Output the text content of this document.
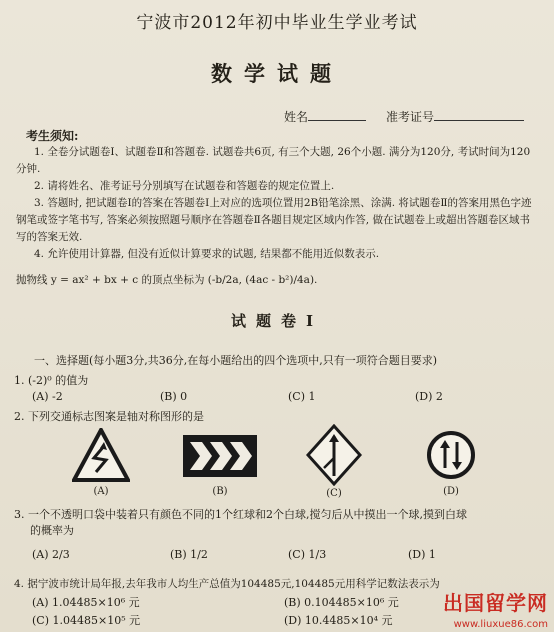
宁波市2012年初中毕业生学业考试
数学试题
姓名	准考证号
考生须知:

1. 全卷分试题卷Ⅰ、试题卷Ⅱ和答题卷. 试题卷共6页, 有三个大题, 26个小题. 满分为120分, 考试时间为120分钟.

2. 请将姓名、准考证号分别填写在试题卷和答题卷的规定位置上.

3. 答题时, 把试题卷Ⅰ的答案在答题卷Ⅰ上对应的选项位置用2B铅笔涂黑、涂满. 将试题卷Ⅱ的答案用黑色字迹钢笔或签字笔书写, 答案必须按照题号顺序在答题卷Ⅱ各题目规定区域内作答, 做在试题卷上或超出答题卷区域书写的答案无效.

4. 允许使用计算器, 但没有近似计算要求的试题, 结果都不能用近似数表示.

抛物线 y = ax² + bx + c 的顶点坐标为 (-b/2a, (4ac - b²)/4a).
试题卷Ⅰ
一、选择题(每小题3分,共36分,在每小题给出的四个选项中,只有一项符合题目要求)
1. (-2)⁰ 的值为
(A) -2	(B) 0	(C) 1	(D) 2
2. 下列交通标志图案是轴对称图形的是
(A)	(B)	(C)	(D)
3. 一个不透明口袋中装着只有颜色不同的1个红球和2个白球,搅匀后从中摸出一个球,摸到白球
的概率为
(A) 2/3	(B) 1/2	(C) 1/3	(D) 1
4. 据宁波市统计局年报,去年我市人均生产总值为104485元,104485元用科学记数法表示为
(A) 1.04485×10⁶ 元	(B) 0.104485×10⁶ 元
(C) 1.04485×10⁵ 元	(D) 10.4485×10⁴ 元
出国留学网
www.liuxue86.com
